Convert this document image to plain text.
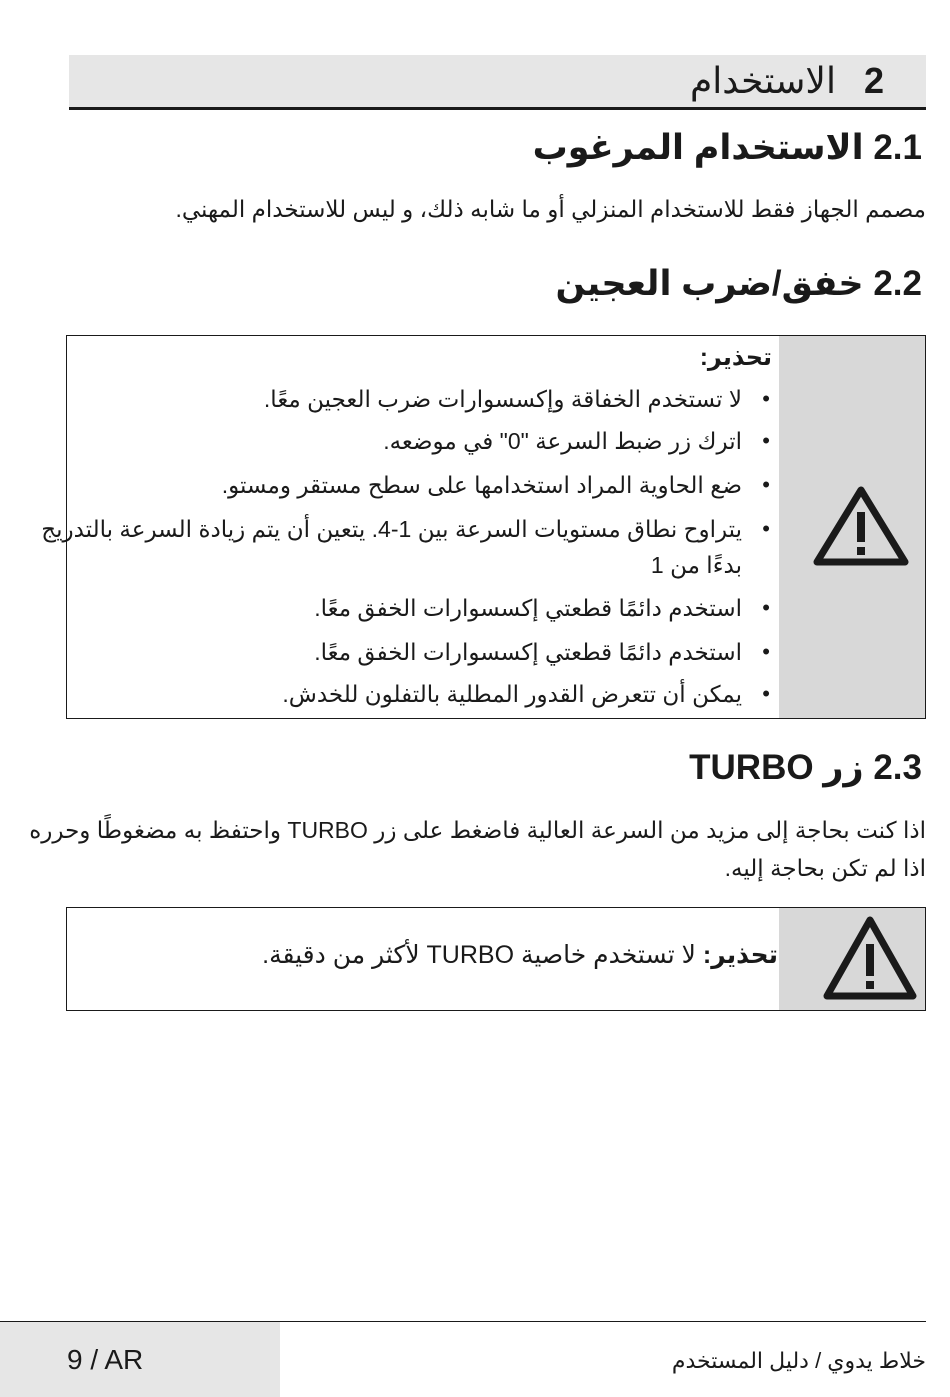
2الاستخدام
2.1 الاستخدام المرغوب
مصمم الجهاز فقط للاستخدام المنزلي أو ما شابه ذلك، و ليس للاستخدام المهني.
2.2 خفق/ضرب العجين
تحذير:
•
لا تستخدم الخفاقة وإكسسوارات ضرب العجين معًا.
•
اترك زر ضبط السرعة "0" في موضعه.
•
ضع الحاوية المراد استخدامها على سطح مستقر ومستو.
•
يتراوح نطاق مستويات السرعة بين 1-4. يتعين أن يتم زيادة السرعة بالتدريج
بدءًا من 1
•
استخدم دائمًا قطعتي إكسسوارات الخفق معًا.
•
استخدم دائمًا قطعتي إكسسوارات الخفق معًا.
•
يمكن أن تتعرض القدور المطلية بالتفلون للخدش.
2.3 زر TURBO
اذا كنت بحاجة إلى مزيد من السرعة العالية فاضغط على زر TURBO واحتفظ به مضغوطًا وحرره
اذا لم تكن بحاجة إليه.
تحذير: لا تستخدم خاصية TURBO لأكثر من دقيقة.
9 / AR	خلاط يدوي / دليل المستخدم
